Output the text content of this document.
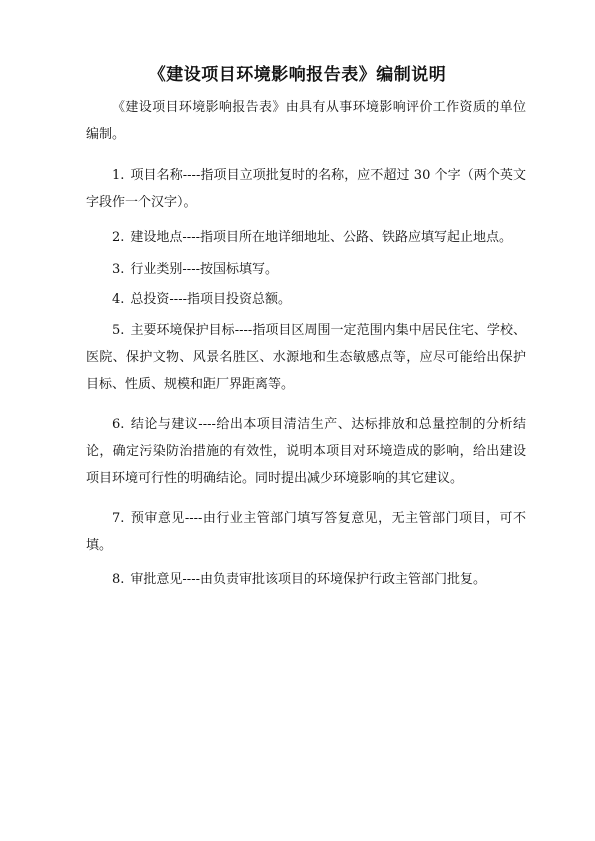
《建设项目环境影响报告表》编制说明

《建设项目环境影响报告表》由具有从事环境影响评价工作资质的单位编制。

1. 项目名称----指项目立项批复时的名称，应不超过 30 个字（两个英文字段作一个汉字）。

2. 建设地点----指项目所在地详细地址、公路、铁路应填写起止地点。

3. 行业类别----按国标填写。

4. 总投资----指项目投资总额。

5. 主要环境保护目标----指项目区周围一定范围内集中居民住宅、学校、医院、保护文物、风景名胜区、水源地和生态敏感点等，应尽可能给出保护目标、性质、规模和距厂界距离等。

6. 结论与建议----给出本项目清洁生产、达标排放和总量控制的分析结论，确定污染防治措施的有效性，说明本项目对环境造成的影响，给出建设项目环境可行性的明确结论。同时提出减少环境影响的其它建议。

7. 预审意见----由行业主管部门填写答复意见，无主管部门项目，可不填。

8. 审批意见----由负责审批该项目的环境保护行政主管部门批复。
